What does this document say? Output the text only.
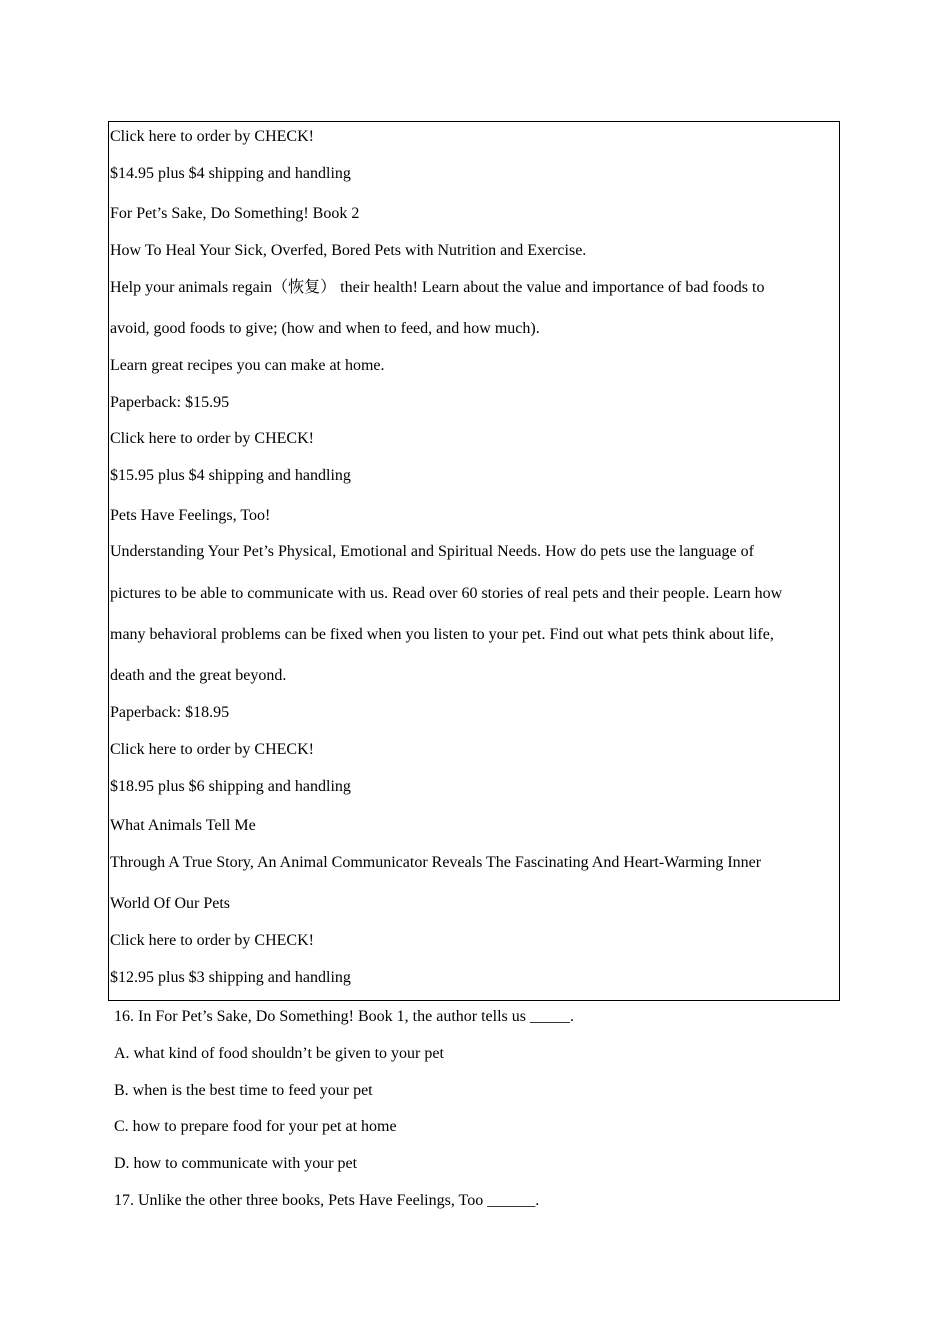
Click here to order by CHECK!
$14.95 plus $4 shipping and handling
For Pet’s Sake, Do Something! Book 2
How To Heal Your Sick, Overfed, Bored Pets with Nutrition and Exercise.
Help your animals regain（恢复） their health! Learn about the value and importance of bad foods to
avoid, good foods to give; (how and when to feed, and how much).
Learn great recipes you can make at home.
Paperback: $15.95
Click here to order by CHECK!
$15.95 plus $4 shipping and handling
Pets Have Feelings, Too!
Understanding Your Pet’s Physical, Emotional and Spiritual Needs. How do pets use the language of
pictures to be able to communicate with us. Read over 60 stories of real pets and their people. Learn how
many behavioral problems can be fixed when you listen to your pet. Find out what pets think about life,
death and the great beyond.
Paperback: $18.95
Click here to order by CHECK!
$18.95 plus $6 shipping and handling
What Animals Tell Me
Through A True Story, An Animal Communicator Reveals The Fascinating And Heart-Warming Inner
World Of Our Pets
Click here to order by CHECK!
$12.95 plus $3 shipping and handling
16. In For Pet’s Sake, Do Something! Book 1, the author tells us _____.
A. what kind of food shouldn’t be given to your pet
B. when is the best time to feed your pet
C. how to prepare food for your pet at home
D. how to communicate with your pet
17. Unlike the other three books, Pets Have Feelings, Too ______.
